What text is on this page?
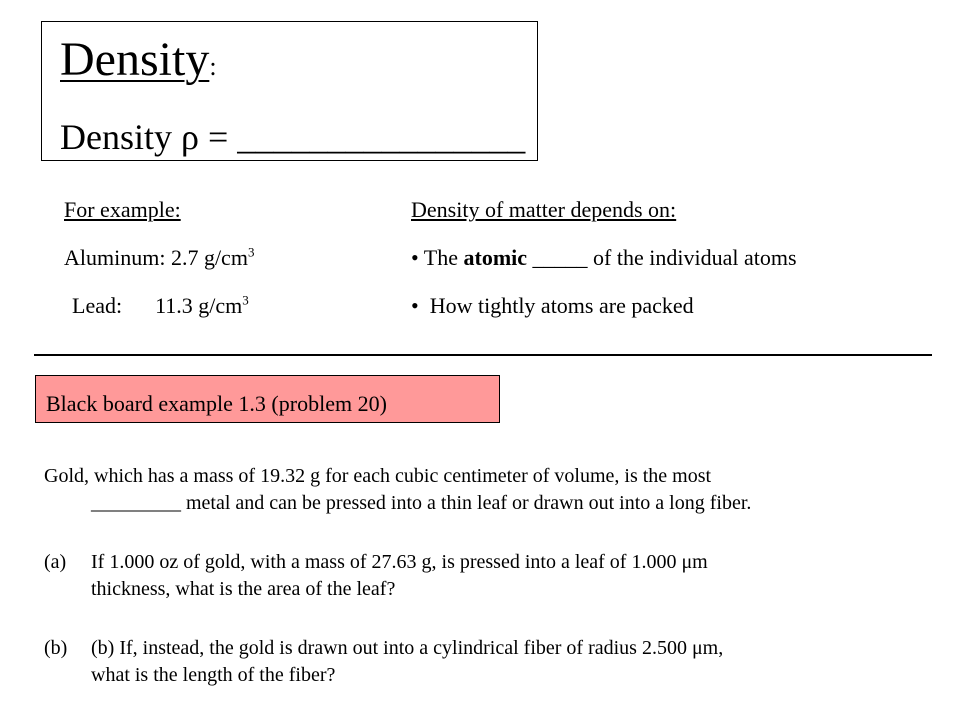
Density:
Density ρ = ________________
For example:
Aluminum: 2.7 $g/cm^3$
Lead:      11.3 $g/cm^3$
Density of matter depends on:
• The atomic _____ of the individual atoms
•  How tightly atoms are packed
Black board example 1.3 (problem 20)
Gold, which has a mass of 19.32 g for each cubic centimeter of volume, is the most
_________ metal and can be pressed into a thin leaf or drawn out into a long fiber.
(a) If 1.000 oz of gold, with a mass of 27.63 g, is pressed into a leaf of 1.000 μm
thickness, what is the area of the leaf?
(b) (b) If, instead, the gold is drawn out into a cylindrical fiber of radius 2.500 μm,
what is the length of the fiber?
